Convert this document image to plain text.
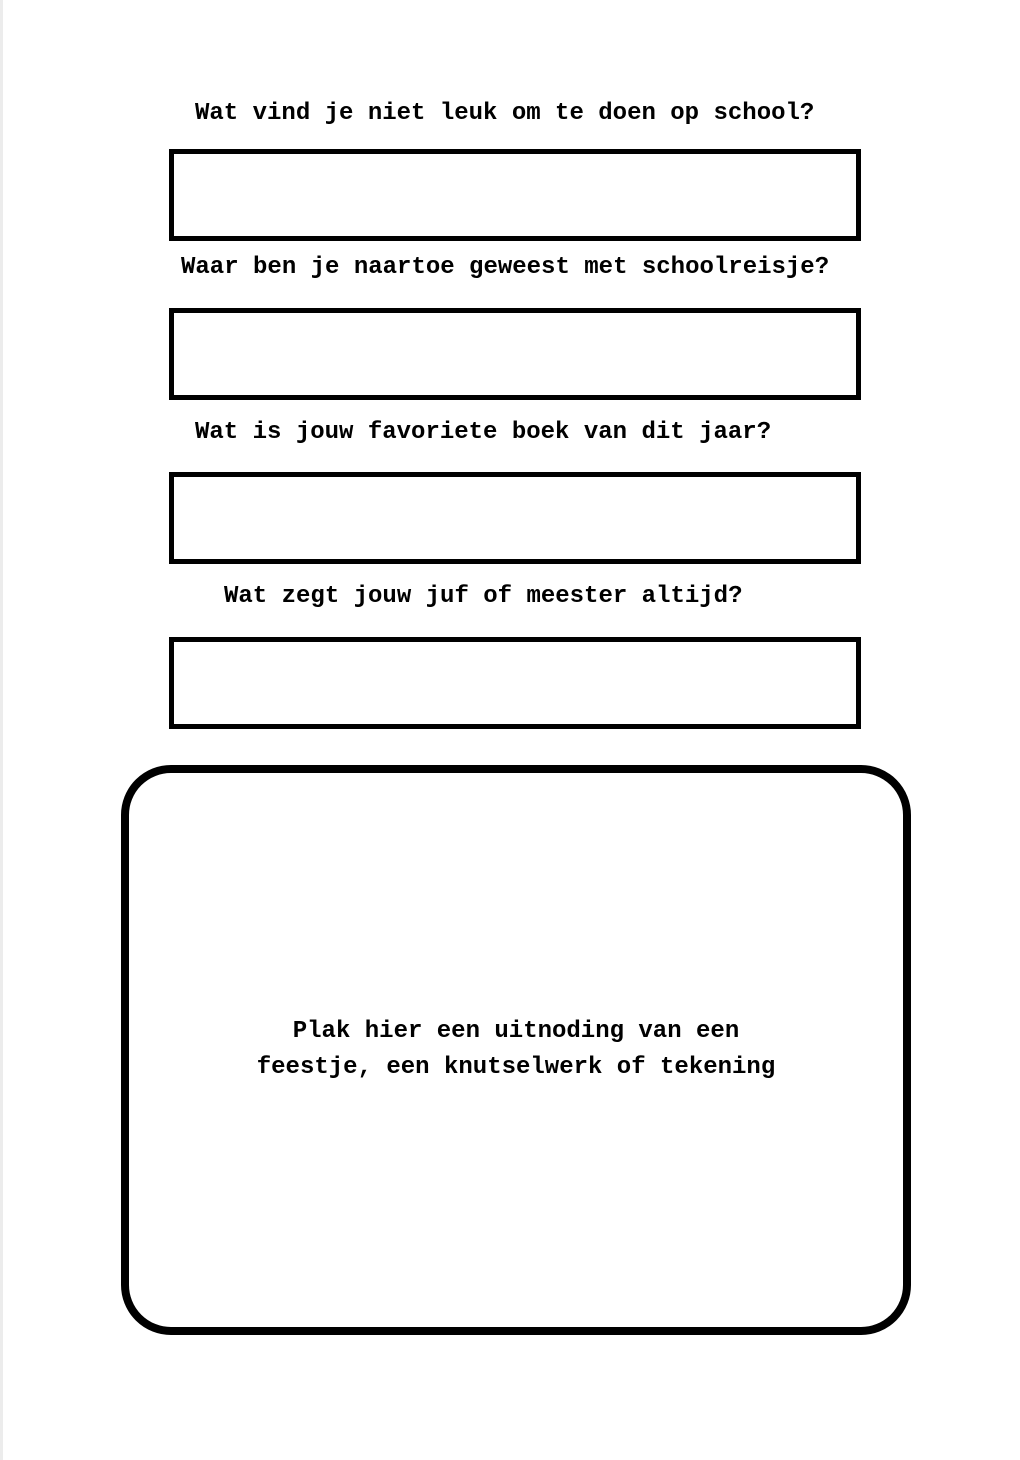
Wat vind je niet leuk om te doen op school?

Waar ben je naartoe geweest met schoolreisje?

Wat is jouw favoriete boek van dit jaar?

Wat zegt jouw juf of meester altijd?

Plak hier een uitnoding van een
feestje, een knutselwerk of tekening
